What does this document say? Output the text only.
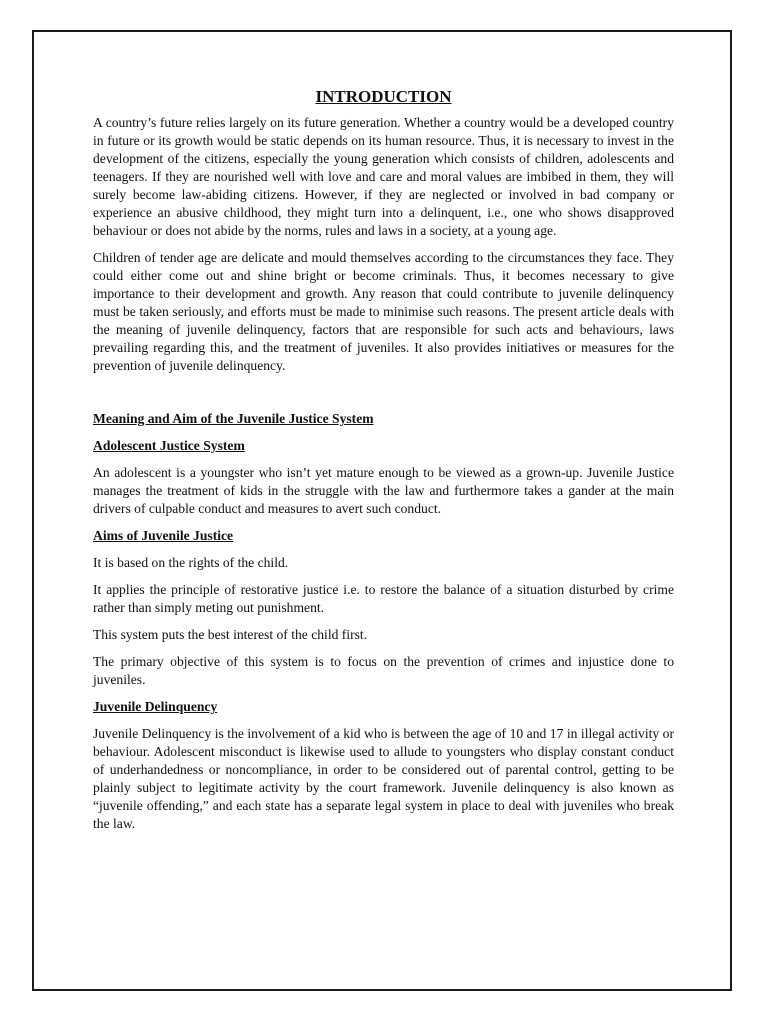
INTRODUCTION

A country’s future relies largely on its future generation. Whether a country would be a developed country in future or its growth would be static depends on its human resource. Thus, it is necessary to invest in the development of the citizens, especially the young generation which consists of children, adolescents and teenagers. If they are nourished well with love and care and moral values are imbibed in them, they will surely become law-abiding citizens. However, if they are neglected or involved in bad company or experience an abusive childhood, they might turn into a delinquent, i.e., one who shows disapproved behaviour or does not abide by the norms, rules and laws in a society, at a young age.

Children of tender age are delicate and mould themselves according to the circumstances they face. They could either come out and shine bright or become criminals. Thus, it becomes necessary to give importance to their development and growth. Any reason that could contribute to juvenile delinquency must be taken seriously, and efforts must be made to minimise such reasons. The present article deals with the meaning of juvenile delinquency, factors that are responsible for such acts and behaviours, laws prevailing regarding this, and the treatment of juveniles. It also provides initiatives or measures for the prevention of juvenile delinquency.

Meaning and Aim of the Juvenile Justice System
Adolescent Justice System

An adolescent is a youngster who isn’t yet mature enough to be viewed as a grown-up. Juvenile Justice manages the treatment of kids in the struggle with the law and furthermore takes a gander at the main drivers of culpable conduct and measures to avert such conduct.

Aims of Juvenile Justice

It is based on the rights of the child.

It applies the principle of restorative justice i.e. to restore the balance of a situation disturbed by crime rather than simply meting out punishment.

This system puts the best interest of the child first.

The primary objective of this system is to focus on the prevention of crimes and injustice done to juveniles.

Juvenile Delinquency

Juvenile Delinquency is the involvement of a kid who is between the age of 10 and 17 in illegal activity or behaviour. Adolescent misconduct is likewise used to allude to youngsters who display constant conduct of underhandedness or noncompliance, in order to be considered out of parental control, getting to be plainly subject to legitimate activity by the court framework. Juvenile delinquency is also known as “juvenile offending,” and each state has a separate legal system in place to deal with juveniles who break the law.
